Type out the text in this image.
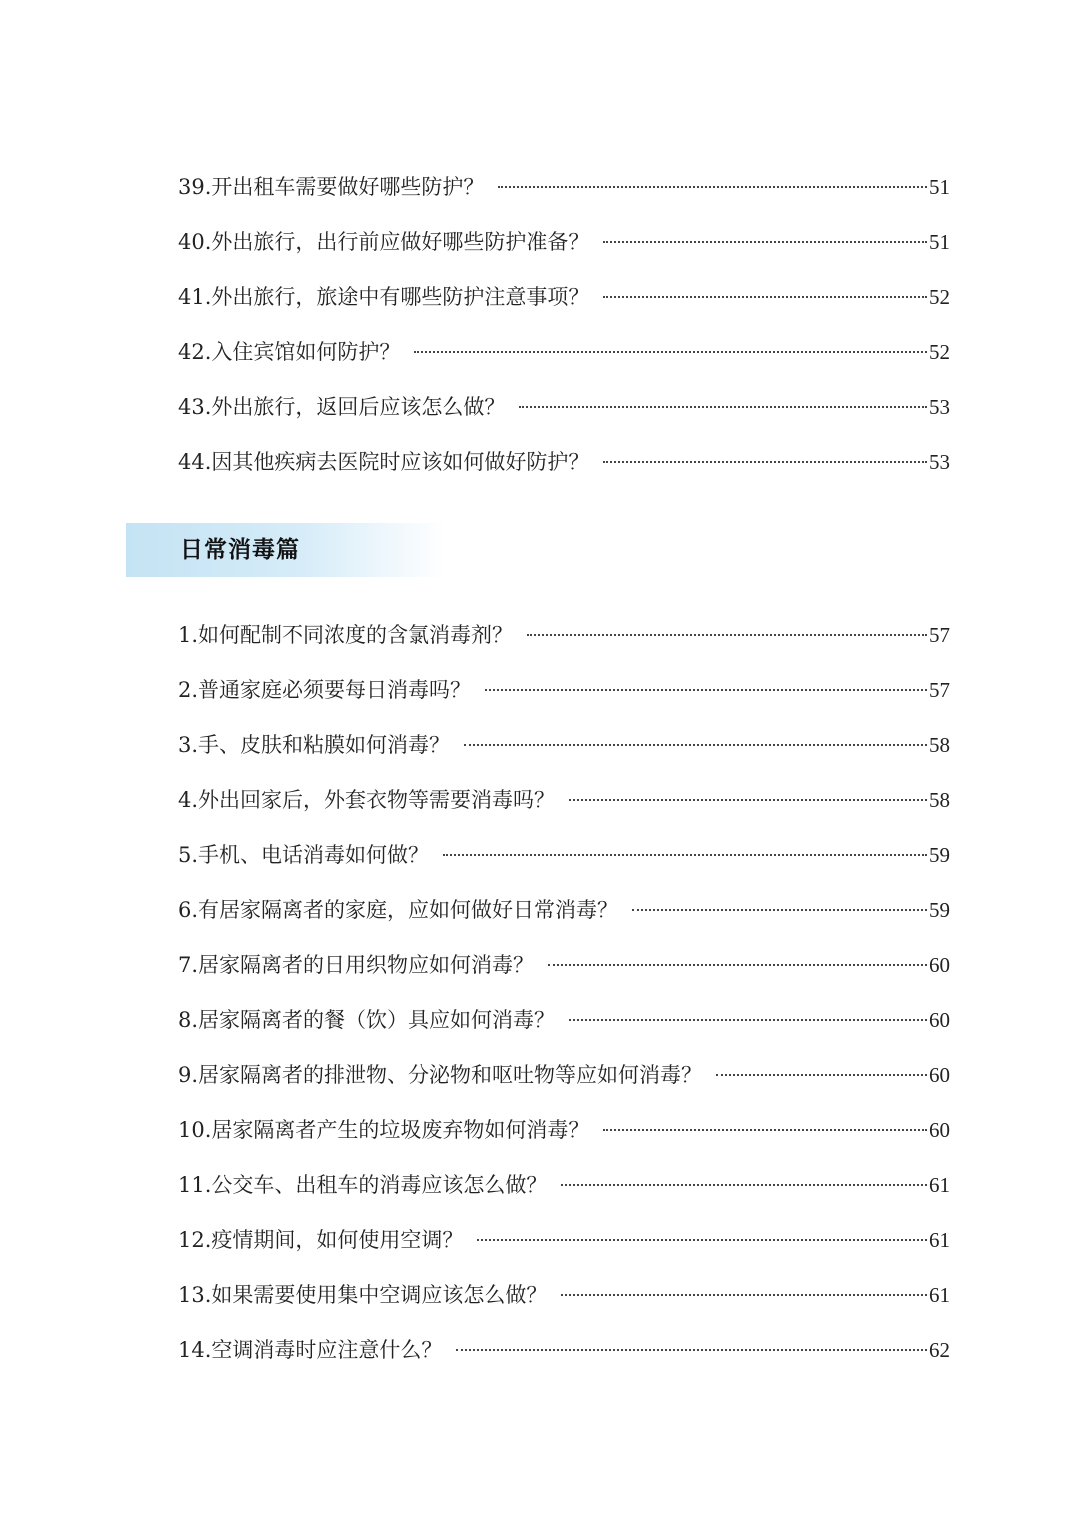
39.开出租车需要做好哪些防护？	51
40.外出旅行，出行前应做好哪些防护准备？	51
41.外出旅行，旅途中有哪些防护注意事项？	52
42.入住宾馆如何防护？	52
43.外出旅行，返回后应该怎么做？	53
44.因其他疾病去医院时应该如何做好防护？	53
日常消毒篇
1.如何配制不同浓度的含氯消毒剂？	57
2.普通家庭必须要每日消毒吗？	57
3.手、皮肤和粘膜如何消毒？	58
4.外出回家后，外套衣物等需要消毒吗？	58
5.手机、电话消毒如何做？	59
6.有居家隔离者的家庭，应如何做好日常消毒？	59
7.居家隔离者的日用织物应如何消毒？	60
8.居家隔离者的餐（饮）具应如何消毒？	60
9.居家隔离者的排泄物、分泌物和呕吐物等应如何消毒？	60
10.居家隔离者产生的垃圾废弃物如何消毒？	60
11.公交车、出租车的消毒应该怎么做？	61
12.疫情期间，如何使用空调？	61
13.如果需要使用集中空调应该怎么做？	61
14.空调消毒时应注意什么？	62
